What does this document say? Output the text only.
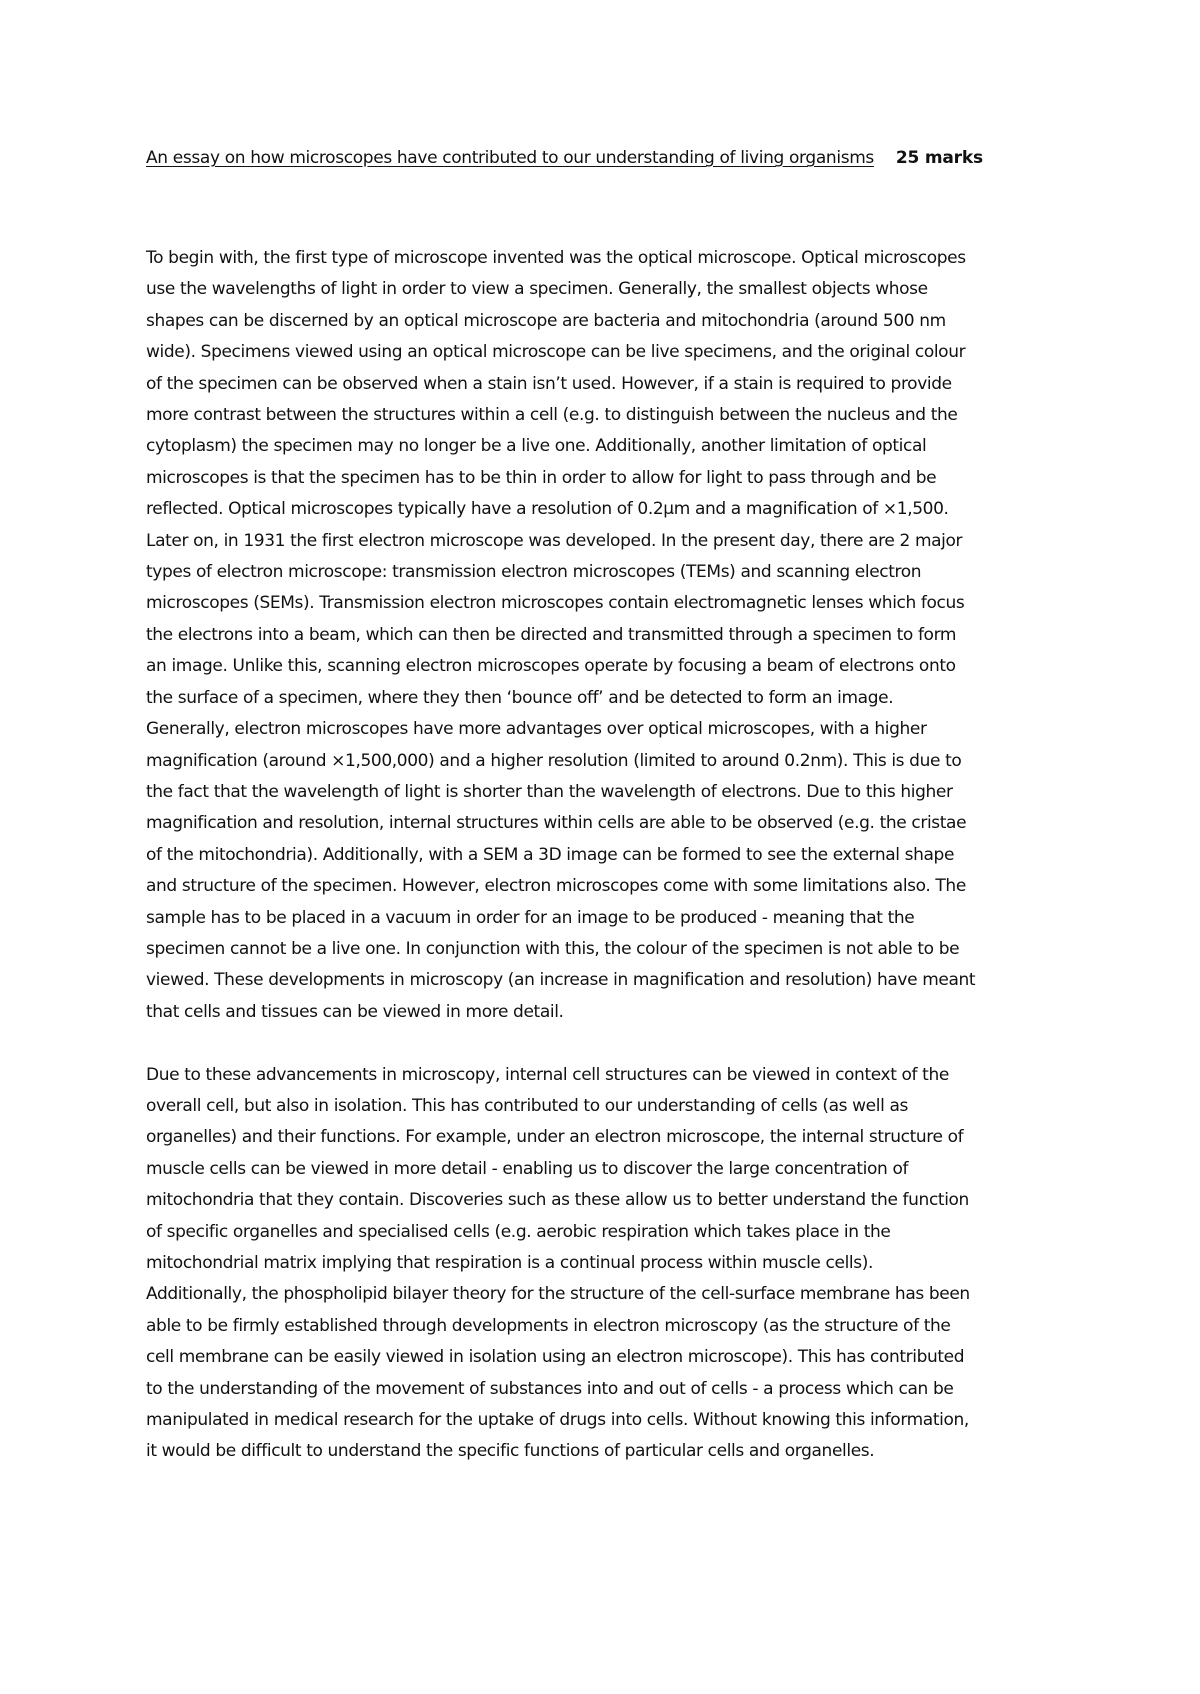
An essay on how microscopes have contributed to our understanding of living organisms 25 marks

To begin with, the first type of microscope invented was the optical microscope. Optical microscopes
use the wavelengths of light in order to view a specimen. Generally, the smallest objects whose
shapes can be discerned by an optical microscope are bacteria and mitochondria (around 500 nm
wide). Specimens viewed using an optical microscope can be live specimens, and the original colour
of the specimen can be observed when a stain isn’t used. However, if a stain is required to provide
more contrast between the structures within a cell (e.g. to distinguish between the nucleus and the
cytoplasm) the specimen may no longer be a live one. Additionally, another limitation of optical
microscopes is that the specimen has to be thin in order to allow for light to pass through and be
reflected. Optical microscopes typically have a resolution of 0.2μm and a magnification of ×1,500.
Later on, in 1931 the first electron microscope was developed. In the present day, there are 2 major
types of electron microscope: transmission electron microscopes (TEMs) and scanning electron
microscopes (SEMs). Transmission electron microscopes contain electromagnetic lenses which focus
the electrons into a beam, which can then be directed and transmitted through a specimen to form
an image. Unlike this, scanning electron microscopes operate by focusing a beam of electrons onto
the surface of a specimen, where they then ‘bounce off’ and be detected to form an image.
Generally, electron microscopes have more advantages over optical microscopes, with a higher
magnification (around ×1,500,000) and a higher resolution (limited to around 0.2nm). This is due to
the fact that the wavelength of light is shorter than the wavelength of electrons. Due to this higher
magnification and resolution, internal structures within cells are able to be observed (e.g. the cristae
of the mitochondria). Additionally, with a SEM a 3D image can be formed to see the external shape
and structure of the specimen. However, electron microscopes come with some limitations also. The
sample has to be placed in a vacuum in order for an image to be produced - meaning that the
specimen cannot be a live one. In conjunction with this, the colour of the specimen is not able to be
viewed. These developments in microscopy (an increase in magnification and resolution) have meant
that cells and tissues can be viewed in more detail.

Due to these advancements in microscopy, internal cell structures can be viewed in context of the
overall cell, but also in isolation. This has contributed to our understanding of cells (as well as
organelles) and their functions. For example, under an electron microscope, the internal structure of
muscle cells can be viewed in more detail - enabling us to discover the large concentration of
mitochondria that they contain. Discoveries such as these allow us to better understand the function
of specific organelles and specialised cells (e.g. aerobic respiration which takes place in the
mitochondrial matrix implying that respiration is a continual process within muscle cells).
Additionally, the phospholipid bilayer theory for the structure of the cell-surface membrane has been
able to be firmly established through developments in electron microscopy (as the structure of the
cell membrane can be easily viewed in isolation using an electron microscope). This has contributed
to the understanding of the movement of substances into and out of cells - a process which can be
manipulated in medical research for the uptake of drugs into cells. Without knowing this information,
it would be difficult to understand the specific functions of particular cells and organelles.
